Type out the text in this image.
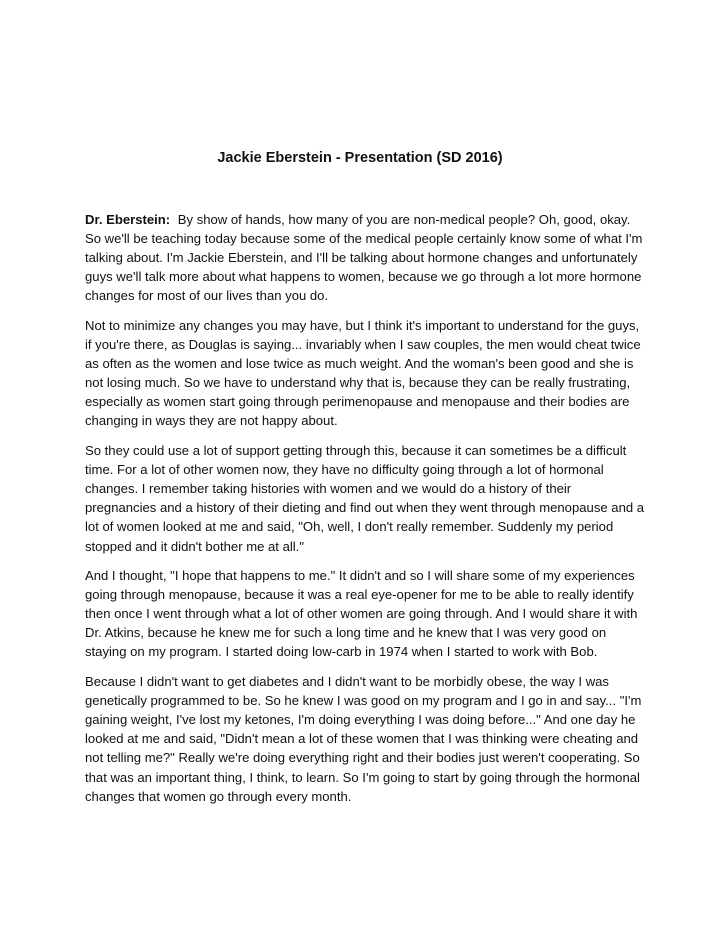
Jackie Eberstein - Presentation (SD 2016)

Dr. Eberstein: By show of hands, how many of you are non-medical people? Oh, good, okay. So we'll be teaching today because some of the medical people certainly know some of what I'm talking about. I'm Jackie Eberstein, and I'll be talking about hormone changes and unfortunately guys we'll talk more about what happens to women, because we go through a lot more hormone changes for most of our lives than you do.

Not to minimize any changes you may have, but I think it's important to understand for the guys, if you're there, as Douglas is saying... invariably when I saw couples, the men would cheat twice as often as the women and lose twice as much weight. And the woman's been good and she is not losing much. So we have to understand why that is, because they can be really frustrating, especially as women start going through perimenopause and menopause and their bodies are changing in ways they are not happy about.

So they could use a lot of support getting through this, because it can sometimes be a difficult time. For a lot of other women now, they have no difficulty going through a lot of hormonal changes. I remember taking histories with women and we would do a history of their pregnancies and a history of their dieting and find out when they went through menopause and a lot of women looked at me and said, "Oh, well, I don't really remember. Suddenly my period stopped and it didn't bother me at all."

And I thought, "I hope that happens to me." It didn't and so I will share some of my experiences going through menopause, because it was a real eye-opener for me to be able to really identify then once I went through what a lot of other women are going through. And I would share it with Dr. Atkins, because he knew me for such a long time and he knew that I was very good on staying on my program. I started doing low-carb in 1974 when I started to work with Bob.

Because I didn't want to get diabetes and I didn't want to be morbidly obese, the way I was genetically programmed to be. So he knew I was good on my program and I go in and say... "I'm gaining weight, I've lost my ketones, I'm doing everything I was doing before..." And one day he looked at me and said, "Didn't mean a lot of these women that I was thinking were cheating and not telling me?" Really we're doing everything right and their bodies just weren't cooperating. So that was an important thing, I think, to learn. So I'm going to start by going through the hormonal changes that women go through every month.
